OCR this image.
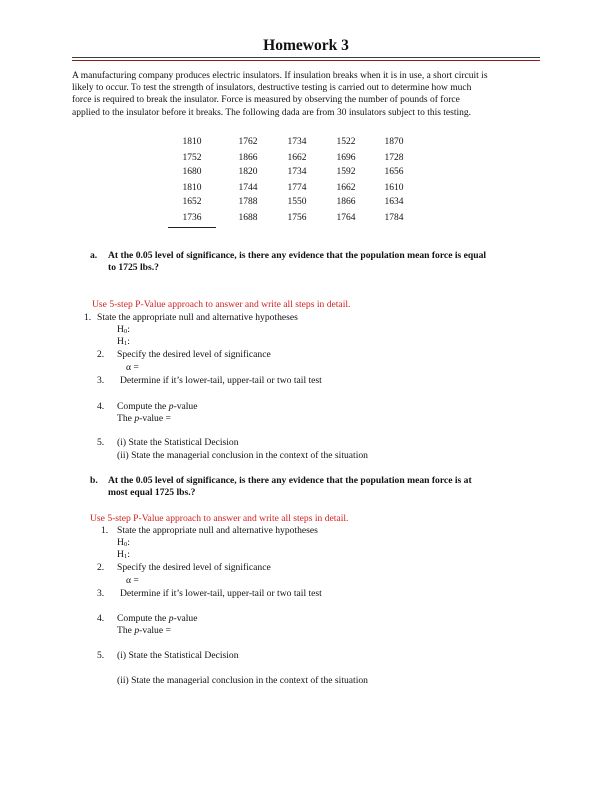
Homework 3
A manufacturing company produces electric insulators. If insulation breaks when it is in use, a short circuit is
likely to occur. To test the strength of insulators, destructive testing is carried out to determine how much
force is required to break the insulator. Force is measured by observing the number of pounds of force
applied to the insulator before it breaks. The following dada are from 30 insulators subject to this testing.
1810	1762	1734	1522	1870
1752	1866	1662	1696	1728
1680	1820	1734	1592	1656
1810	1744	1774	1662	1610
1652	1788	1550	1866	1634
1736	1688	1756	1764	1784
a. At the 0.05 level of significance, is there any evidence that the population mean force is equal
to 1725 lbs.?
Use 5-step P-Value approach to answer and write all steps in detail.
1. State the appropriate null and alternative hypotheses
$H_0$:
$H_1$:
2. Specify the desired level of significance
α =
3. Determine if it’s lower-tail, upper-tail or two tail test
4. Compute the p-value
The p-value =
5. (i) State the Statistical Decision
(ii) State the managerial conclusion in the context of the situation
b. At the 0.05 level of significance, is there any evidence that the population mean force is at
most equal 1725 lbs.?
Use 5-step P-Value approach to answer and write all steps in detail.
1. State the appropriate null and alternative hypotheses
$H_0$:
$H_1$:
2. Specify the desired level of significance
α =
3. Determine if it’s lower-tail, upper-tail or two tail test
4. Compute the p-value
The p-value =
5. (i) State the Statistical Decision
(ii) State the managerial conclusion in the context of the situation
